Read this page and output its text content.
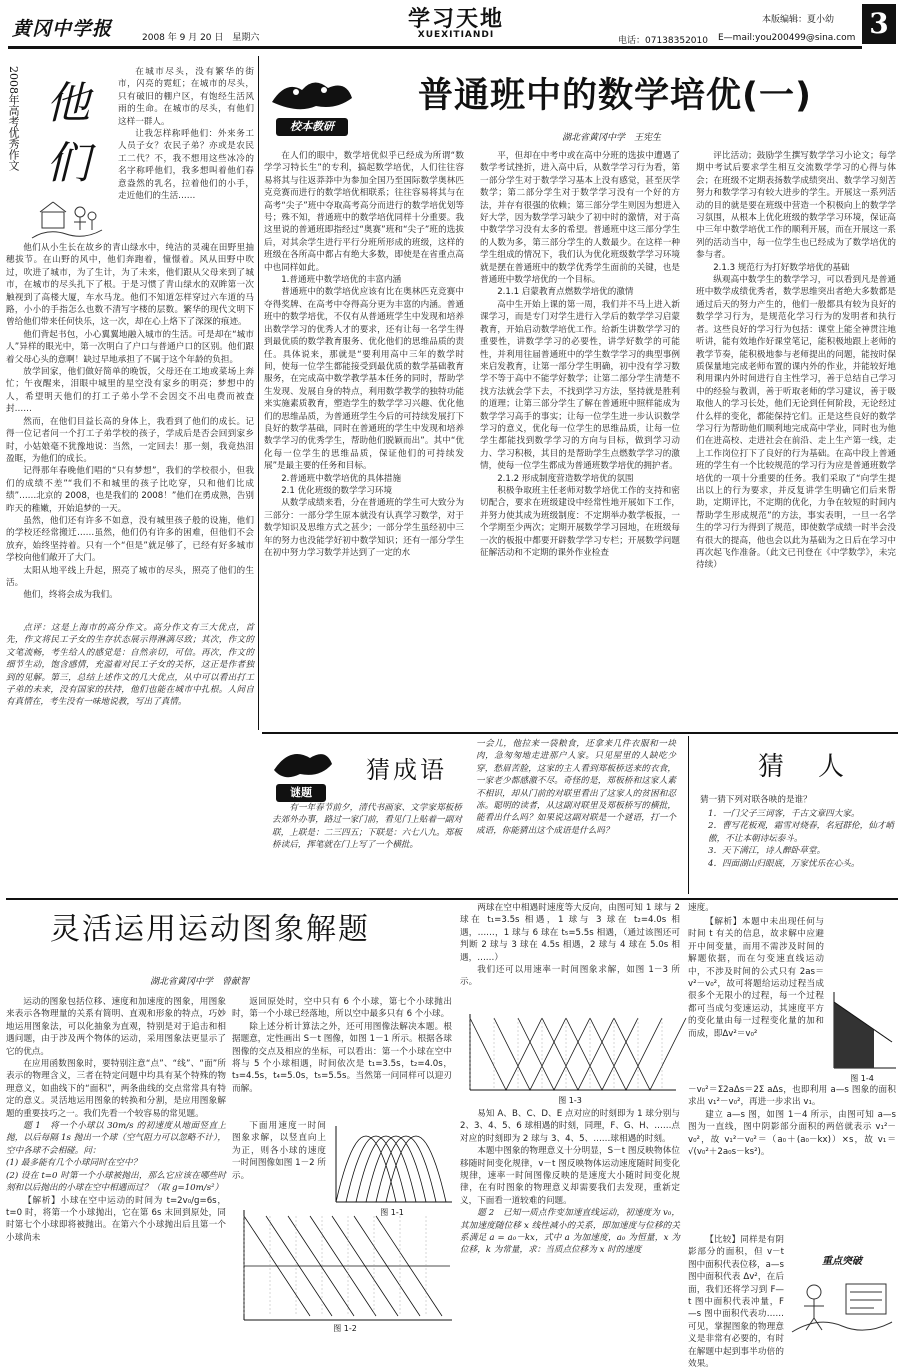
黄冈中学报	2008 年 9 月 20 日　星期六
学习天地
XUEXITIANDI
本版编辑：夏小幼
电话：07138352010 E—mail:you200499@sina.com 3
2008年高考优秀作文 他
们

在城市尽头，没有繁华的街市，闪亮的霓虹；在城市的尽头，只有破旧的棚户区，有饱经生活风雨的生命。在城市的尽头，有他们这样一群人。

让我怎样称呼他们：外来务工人员子女？农民子弟？亦或是农民工二代？不，我不想用这些冰冷的名字称呼他们，我多想叫着他们春意盎然的乳名，拉着他们的小手，走近他们的生活……

他们从小生长在故乡的青山绿水中，纯洁的灵魂在田野里抽穗拔节。在山野的风中，他们奔跑着，憧憬着。风从田野中吹过，吹进了城市，为了生计，为了未来，他们跟从父母来到了城市，在城市的尽头扎下了根。于是习惯了青山绿水的双眸第一次触视到了高楼大厦，车水马龙。他们不知道怎样穿过六车道的马路，小小的手指怎么也数不清写字楼的层数。繁华的现代文明下曾给他们带来任何快乐，这一次，却在心上烙下了深深的痕迹。

他们背起书包，小心翼翼地融入城市的生活。可是却在“城市人”异样的眼光中，第一次明白了户口与普通户口的区别。他们跟着父母心头的意啊！缺过早地承担了不属于这个年龄的负担。

放学回家，他们做好简单的晚饭，父母还在工地或菜场上奔忙；午夜醒来，泪眼中城里的星空没有家乡的明亮；梦想中的人，希望明天他们的打工子弟小学不会因交不出电费而被查封……

然而，在他们目益长高的身体上，我看到了他们的成长。记得一位记者问一个打工子弟学校的孩子，学成后是否会回到家乡时，小姑娘毫不犹豫地说：当然，一定回去！那一刻，我竟热泪盈眶，为他们的成长。

记得那年春晚他们唱的“只有梦想”，我们的学校很小，但我们的成绩不差”“我们不和城里的孩子比吃穿，只和他们比成绩”……北京的 2008，也是我们的 2008！”他们在勇成熟，告别昨天的稚嫩，开始追梦的一天。

虽然，他们还有许多不如意，没有城里孩子般的设施，他们的学校还经常搬迁……虽然，他们仍有许多的困难，但他们不会放弃，始终坚持着。只有一个“但是”就足够了，已经有好多城市学校向他们敞开了大门。

太阳从地平线上升起，照亮了城市的尽头，照亮了他们的生活。

他们，终将会成为我们。

点评：这是上海市的高分作文。高分作文有三大优点，首先，作文将民工子女的生存状态展示得淋漓尽致；其次，作文的文笔流畅，考生给人的感觉是：自然亲切，可信。再次，作文的细节生动，饱含感情，充溢着对民工子女的关怀，这正是作者独到的见解。第三，总结上述作文的几大优点，从中可以看出打工子弟的未来，没有国家的扶持，他们也能在城市中扎根。人间自有真情在，考生没有一味地说教，写出了真情。
校本教研
普通班中的数学培优(一)
湖北省黄冈中学　王宪生

在人们的眼中，数学培优似乎已经成为所谓“数学学习特长生”的专利，搞起数学培优，人们往往容易将其与往返莽莽中为参加全国乃至国际数学奥林匹克竞赛而进行的数学培优相联系；往往容易将其与在高考“尖子”班中夺取高考高分而进行的数学培优划等号；殊不知，普通班中的数学培优同样十分重要。我这里说的普通班即指经过“奥赛”班和“尖子”班的选拔后，对其余学生进行平行分班所形成的班级，这样的班级在各所高中都占有绝大多数，即使是在省重点高中也同样如此。

1.普通班中数学培优的丰富内涵

普通班中的数学培优应该有比在奥林匹克竞赛中夺得奖牌、在高考中夺得高分更为丰富的内涵。普通班中的数学培优，不仅有从普通班学生中发现和培养出数学学习的优秀人才的要求，还有让每一名学生得到最优质的数学教育服务、优化他们的思维品质的责任。具体说来，那就是“要利用高中三年的数学时间，使每一位学生都能接受到最优质的数学基础教育服务，在完成高中数学教学基本任务的同时，帮助学生发现、发展自身的特点，利用数学教学的独特功能来实施素质教育，塑造学生的数学学习兴趣、优化他们的思维品质，为普通班学生今后的可持续发展打下良好的数学基础，同时在普通班的学生中发现和培养数学学习的优秀学生，帮助他们脱颖而出”。其中“优化每一位学生的思维品质，保证他们的可持续发展”是最主要的任务和目标。

2.普通班中数学培优的具体措施

2.1 优化班级的数学学习环境

从数学成绩来看，分在普通班的学生可大致分为三部分：一部分学生原本就没有认真学习数学，对于数学知识及思维方式之甚少；一部分学生虽经初中三年的努力也没能学好初中数学知识；还有一部分学生在初中努力学习数学并达到了一定的水

平，但却在中考中或在高中分班的选拔中遭遇了数学考试挫折，进入高中后，从数学学习行为看，第一部分学生对于数学学习基本上没有感觉，甚至厌学数学；第二部分学生对于数学学习没有一个好的方法，并存有很强的依赖；第三部分学生则因为想进入好大学，因为数学学习缺少了初中时的激情，对于高中数学学习没有太多的希望。普通班中这三部分学生的人数为多，第三部分学生的人数最少。在这样一种学生组成的情况下，我们认为优化班级数学学习环境就是摆在普通班中的数学优秀学生面前的关键，也是普通班中数学培优的一个目标。

2.1.1 启蒙教育点燃数学培优的激情

高中生开始上课的第一周，我们并不马上进入新课学习，而是专门对学生进行入学后的数学学习启蒙教育，开始启动数学培优工作。给新生讲数学学习的重要性，讲数学学习的必要性，讲学好数学的可能性，并利用往届普通班中的学生数学学习的典型事例来启发教育，让第一部分学生明确，初中没有学习数学不等于高中不能学好数学；让第二部分学生清楚不找方法就会学下去，不找到学习方法，坚持就是胜利的道理；让第三部分学生了解在普通班中照样能成为数学学习高手的事实；让每一位学生进一步认识数学学习的意义，优化每一位学生的思维品质，让每一位学生都能找到数学学习的方向与目标，做到学习动力、学习积极，其目的是帮助学生点燃数学学习的激情，使每一位学生都成为普通班数学培优的拥护者。

2.1.2 形成制度营造数学培优的氛围

积极争取班主任老师对数学培优工作的支持和密切配合，要求在班级建设中经常性地开展如下工作，并努力使其成为班级制度：不定期举办数学板报，一个学期至少两次；定期开展数学学习园地，在班级每一次的板报中都要开辟数学学习专栏；开展数学问题征解活动和不定期的课外作业检查

评比活动；鼓励学生撰写数学学习小论文；每学期中考试后要求学生相互交流数学学习的心得与体会；在班级不定期表扬数学成绩突出、数学学习刻苦努力和数学学习有较大进步的学生。开展这一系列活动的目的就是要在班级中营造一个积极向上的数学学习氛围，从根本上优化班级的数学学习环境，保证高中三年中数学培优工作的顺利开展，而在开展这一系列的活动当中，每一位学生也已经成为了数学培优的参与者。

2.1.3 规范行为打好数学培优的基础

纵观高中数学生的数学学习，可以看到凡是普通班中数学成绩优秀者，数学思维突出者绝大多数都是通过后天的努力产生的，他们一般都具有较为良好的数学学习行为，是规范化学习行为的发明者和执行者。这些良好的学习行为包括：课堂上能全神贯注地听讲，能有效地作好课堂笔记，能积极地跟上老师的教学节奏，能积极地参与老师提出的问题，能按时保质保量地完成老师布置的课内外的作业，并能较好地利用课内外时间进行自主性学习，善于总结自己学习中的经验与教训，善于听取老师的学习建议，善于吸取他人的学习长处，他们无论到任何阶段，无论经过什么样的变化，都能保持它们。正是这些良好的数学学习行为帮助他们顺利地完成高中学业，同时也为他们在进高校、走进社会在前沿、走上生产第一线，走上工作岗位打下了良好的行为基础。在高中段上普通班的学生有一个比较规范的学习行为应是普通班数学培优的一项十分重要的任务。我们采取了“向学生提出以上的行为要求，并反复讲学生明确它们后来帮助，定期评比，不定期的优化，力争在较短的时间内帮助学生形成规范”的方法，事实表明，一旦一名学生的学习行为得到了规范，即使数学成绩一时半会没有很大的提高，他也会以此为基础为之日后在学习中再次起飞作准备。（此文已刊登在《中学数学》，未完待续）

谜题
猜成语
有一年春节前夕，清代书画家、文学家郑板桥去郊外办事，路过一家门前，看见门上贴着一副对联，上联是：二三四五；下联是：六七八九。郑板桥读后，挥笔就在门上写了一个横批。
一会儿，他拉来一袋粮食，还拿来几件衣服和一块肉，急匆匆地走进那户人家。只见屋里的人缺吃少穿，愁眉苦脸，这家的主人看到郑板桥送来的衣食，一家老少都感激不尽。奇怪的是，郑板桥和这家人素不相识，却从门前的对联里看出了这家人的贫困和忍冻。聪明的读者，从这副对联里及郑板桥写的横批，能看出什么吗？如果说这副对联是一个谜语，打一个成语，你能猜出这个成语是什么吗？
猜　人
猜一猜下列对联各映的是谁？
1．一门父子三词客，千古文章四大家。
2．曹写花板观，霜雪对烧春，名冠群伦，仙才峭傲，不让本朝诗坛泰斗。
3．天下满江，诗人醉卧草堂。
4．四面湖山归眼底，万家忧乐在心头。
灵活运用运动图象解题
湖北省黄冈中学　曾献智

运动的图象包括位移、速度和加速度的图象，用图象来表示各物理量的关系有简明、直观和形象的特点，巧妙地运用图象法，可以化抽象为直观，特别是对于追击和相遇问题，由于涉及两个物体的运动，采用图象法更显示了它的优点。

在应用函数图象时，要特别注意“点”、“线”、“面”所表示的物理含义，三者在特定问题中均具有某个特殊的物理意义，如曲线下的“面积”，两条曲线的交点常常具有特定的意义。灵活地运用图象的转换和分割，是应用图象解题的重要技巧之一。我们先看一个较容易的常见题。

题 1　将一个小球以 30m/s 的初速度从地面竖直上抛，以后每隔 1s 抛出一个球（空气阻力可以忽略不计），空中各球不会相碰。问：

(1) 最多能有几个小球同时在空中？

(2) 设在 t=0 时第一个小球被抛出，那么它应该在哪些时刻和以后抛出的小球在空中相遇而过？（取 g=10m/s²）

【解析】小球在空中运动的时间为 t=2v₀/g=6s，t=0 时，将第一个小球抛出，它在第 6s 末回到原处，同时第七个小球即将被抛出。在第六个小球抛出后且第一个小球尚未

返回原处时，空中只有 6 个小球，第七个小球抛出时，第一个小球已经落地，所以空中最多只有 6 个小球。

除上述分析计算法之外，还可用图像法解决本题。根据题意，定性画出 S－t 图像，如图 1－1 所示。根据各球图像的交点及相应的坐标，可以看出：第一个小球在空中将与 5 个小球相遇，时间依次是 t₁=3.5s，t₂=4.0s，t₃=4.5s，t₄=5.0s，t₅=5.5s。当然第一问同样可以迎刃而解。

下面用速度一时间图象求解，以竖直向上为正，则各小球的速度一时间图像如图 1－2 所示。

图 1-1
图 1-2

两球在空中相遇时速度等大反向，由图可知 1 球与 2 球在 t₁=3.5s 相遇，1 球与 3 球在 t₂=4.0s 相遇，……，1 球与 6 球在 t₅=5.5s 相遇，（通过该图还可判断 2 球与 3 球在 4.5s 相遇，2 球与 4 球在 5.0s 相遇，……）

我们还可以用速率一时间图象求解，如图 1－3 所示。

图 1-3

易知 A、B、C、D、E 点对应的时刻即为 1 球分别与 2、3、4、5、6 球相遇的时刻，同理，F、G、H、……点对应的时刻即为 2 球与 3、4、5、……球相遇的时刻。

本题中图象的物理意义十分明显，S－t 图反映物体位移随时间变化规律，v－t 图反映物体运动速度随时间变化规律，速率一时间图像反映的是速度大小随时间变化规律，在有时图象的物理意义却需要我们去发现，重新定义，下面看一道较难的问题。

题 2　已知一质点作变加速直线运动，初速度为 v₀，其加速度随位移 x 线性减小的关系，即加速度与位移的关系满足 a = a₀－kx，式中 a 为加速度，a₀ 为恒量，x 为位移，k 为常量，求：当质点位移为 x 时的速度

速度。

【解析】本题中未出现任何与时间 t 有关的信息，故求解中应避开中间变量，而用不需涉及时间的解题依据，而在匀变速直线运动中，不涉及时间的公式只有 2as＝v²－v₀²，故可将题给运动过程当成很多个无限小的过程，每一个过程都可当成匀变速运动，其速度平方的变化量由每一过程变化量的加和而成，即Δv²＝v₀²

图 1-4

－v₀²＝Σ2aΔs＝2Σ aΔs，也即利用 a—s 图象的面积求出 v₁²－v₀²，再进一步求出 v₁。

建立 a—s 图，如图 1－4 所示，由图可知 a—s 图为一直线，图中阴影部分面积的两倍就表示 v₁²－v₀²，故 v₁²－v₀²＝（a₀＋(a₀－kx)）×s，故 v₁＝√(v₀²＋2a₀s－ks²)。

【比较】同样是有阴影部分的面积，但 v－t 图中面积代表位移，a—s 图中面积代表 Δv²，在后面，我们还将学习到 F—t 图中面积代表冲量，F—s 图中面积代表功……可见，掌握图象的物理意义是非常有必要的，有时在解题中起到事半功倍的效果。

重点突破
